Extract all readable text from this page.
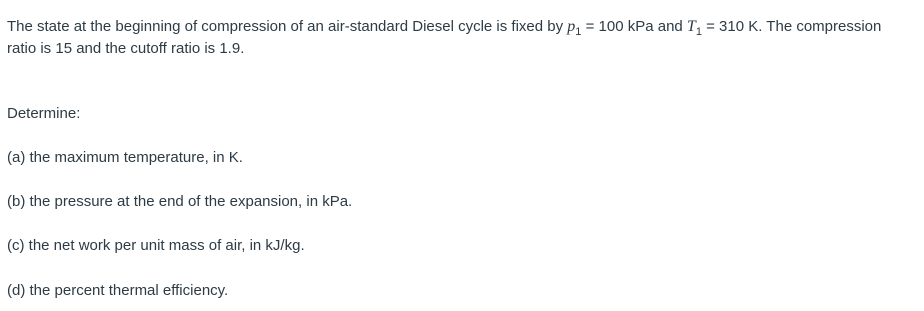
The state at the beginning of compression of an air-standard Diesel cycle is fixed by $p_1 = 100$ kPa and $T_1 = 310$ K. The compression ratio is 15 and the cutoff ratio is 1.9.
Determine:
(a) the maximum temperature, in K.
(b) the pressure at the end of the expansion, in kPa.
(c) the net work per unit mass of air, in kJ/kg.
(d) the percent thermal efficiency.
